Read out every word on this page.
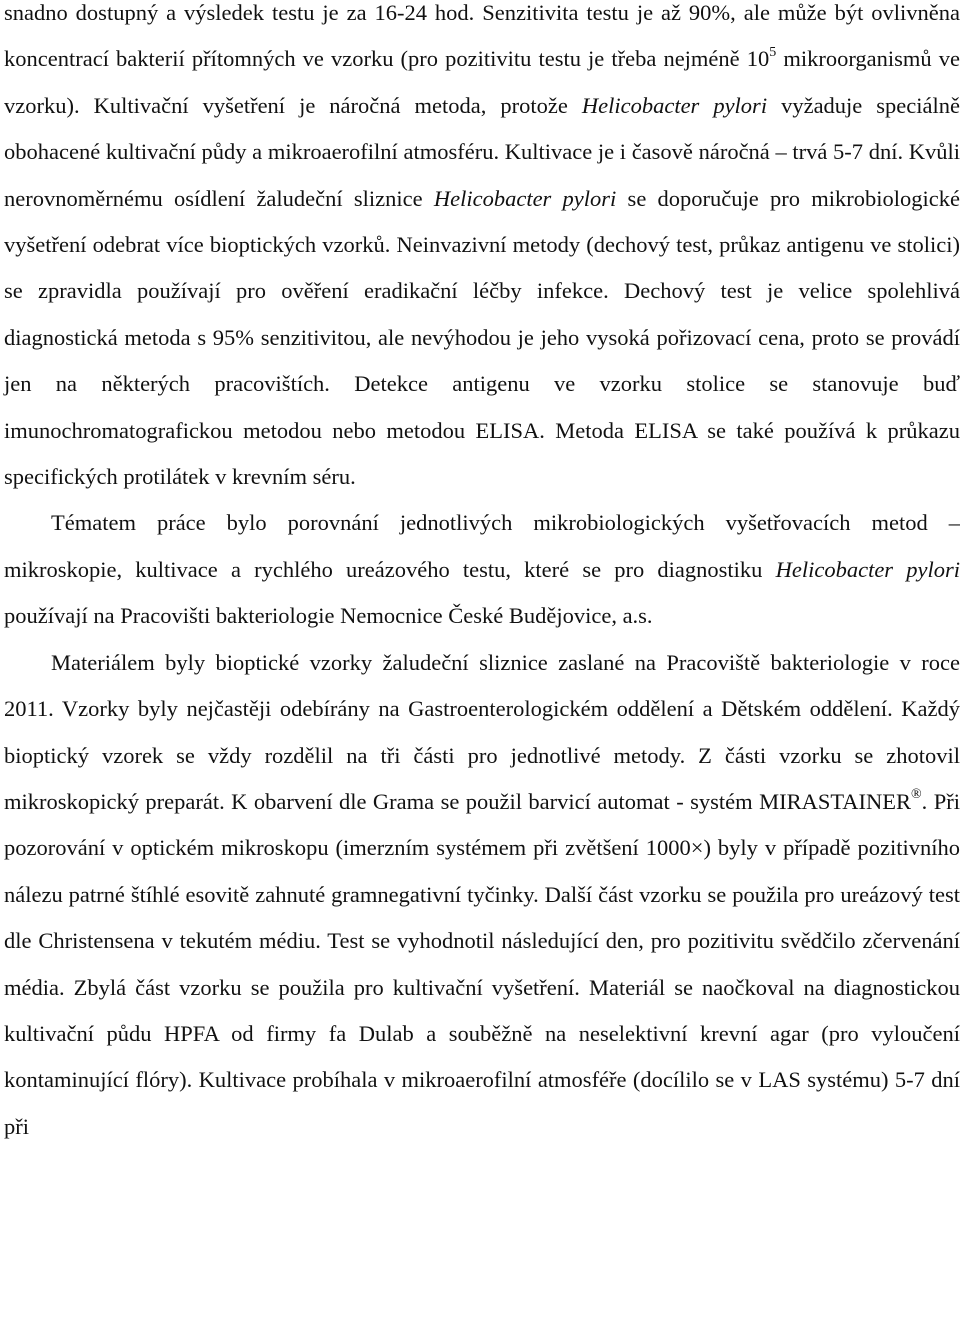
snadno dostupný a výsledek testu je za 16-24 hod. Senzitivita testu je až 90%, ale může být ovlivněna koncentrací bakterií přítomných ve vzorku (pro pozitivitu testu je třeba nejméně $10^5$ mikroorganismů ve vzorku). Kultivační vyšetření je náročná metoda, protože Helicobacter pylori vyžaduje speciálně obohacené kultivační půdy a mikroaerofilní atmosféru. Kultivace je i časově náročná – trvá 5-7 dní. Kvůli nerovnoměrnému osídlení žaludeční sliznice Helicobacter pylori se doporučuje pro mikrobiologické vyšetření odebrat více bioptických vzorků. Neinvazivní metody (dechový test, průkaz antigenu ve stolici) se zpravidla používají pro ověření eradikační léčby infekce. Dechový test je velice spolehlivá diagnostická metoda s 95% senzitivitou, ale nevýhodou je jeho vysoká pořizovací cena, proto se provádí jen na některých pracovištích. Detekce antigenu ve vzorku stolice se stanovuje buď imunochromatografickou metodou nebo metodou ELISA. Metoda ELISA se také používá k průkazu specifických protilátek v krevním séru.

Tématem práce bylo porovnání jednotlivých mikrobiologických vyšetřovacích metod – mikroskopie, kultivace a rychlého ureázového testu, které se pro diagnostiku Helicobacter pylori používají na Pracovišti bakteriologie Nemocnice České Budějovice, a.s.

Materiálem byly bioptické vzorky žaludeční sliznice zaslané na Pracoviště bakteriologie v roce 2011. Vzorky byly nejčastěji odebírány na Gastroenterologickém oddělení a Dětském oddělení. Každý bioptický vzorek se vždy rozdělil na tři části pro jednotlivé metody. Z části vzorku se zhotovil mikroskopický preparát. K obarvení dle Grama se použil barvicí automat - systém MIRASTAINER®. Při pozorování v optickém mikroskopu (imerzním systémem při zvětšení 1000×) byly v případě pozitivního nálezu patrné štíhlé esovitě zahnuté gramnegativní tyčinky. Další část vzorku se použila pro ureázový test dle Christensena v tekutém médiu. Test se vyhodnotil následující den, pro pozitivitu svědčilo zčervenání média. Zbylá část vzorku se použila pro kultivační vyšetření. Materiál se naočkoval na diagnostickou kultivační půdu HPFA od firmy fa Dulab a souběžně na neselektivní krevní agar (pro vyloučení kontaminující flóry). Kultivace probíhala v mikroaerofilní atmosféře (docílilo se v LAS systému) 5-7 dní při
